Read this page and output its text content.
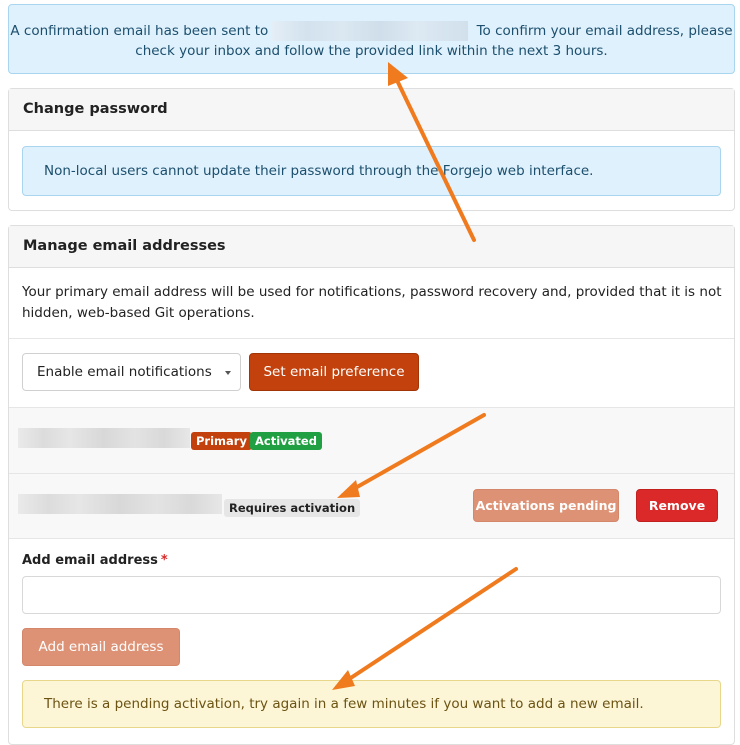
A confirmation email has been sent to	To confirm your email address, please check your inbox and follow the provided link within the next 3 hours.
Change password
Non-local users cannot update their password through the Forgejo web interface.
Manage email addresses
Your primary email address will be used for notifications, password recovery and, provided that it is not hidden, web-based Git operations.
Enable email notifications	Set email preference
Primary Activated
Requires activation	Activations pending	Remove
Add email address *
Add email address
There is a pending activation, try again in a few minutes if you want to add a new email.
